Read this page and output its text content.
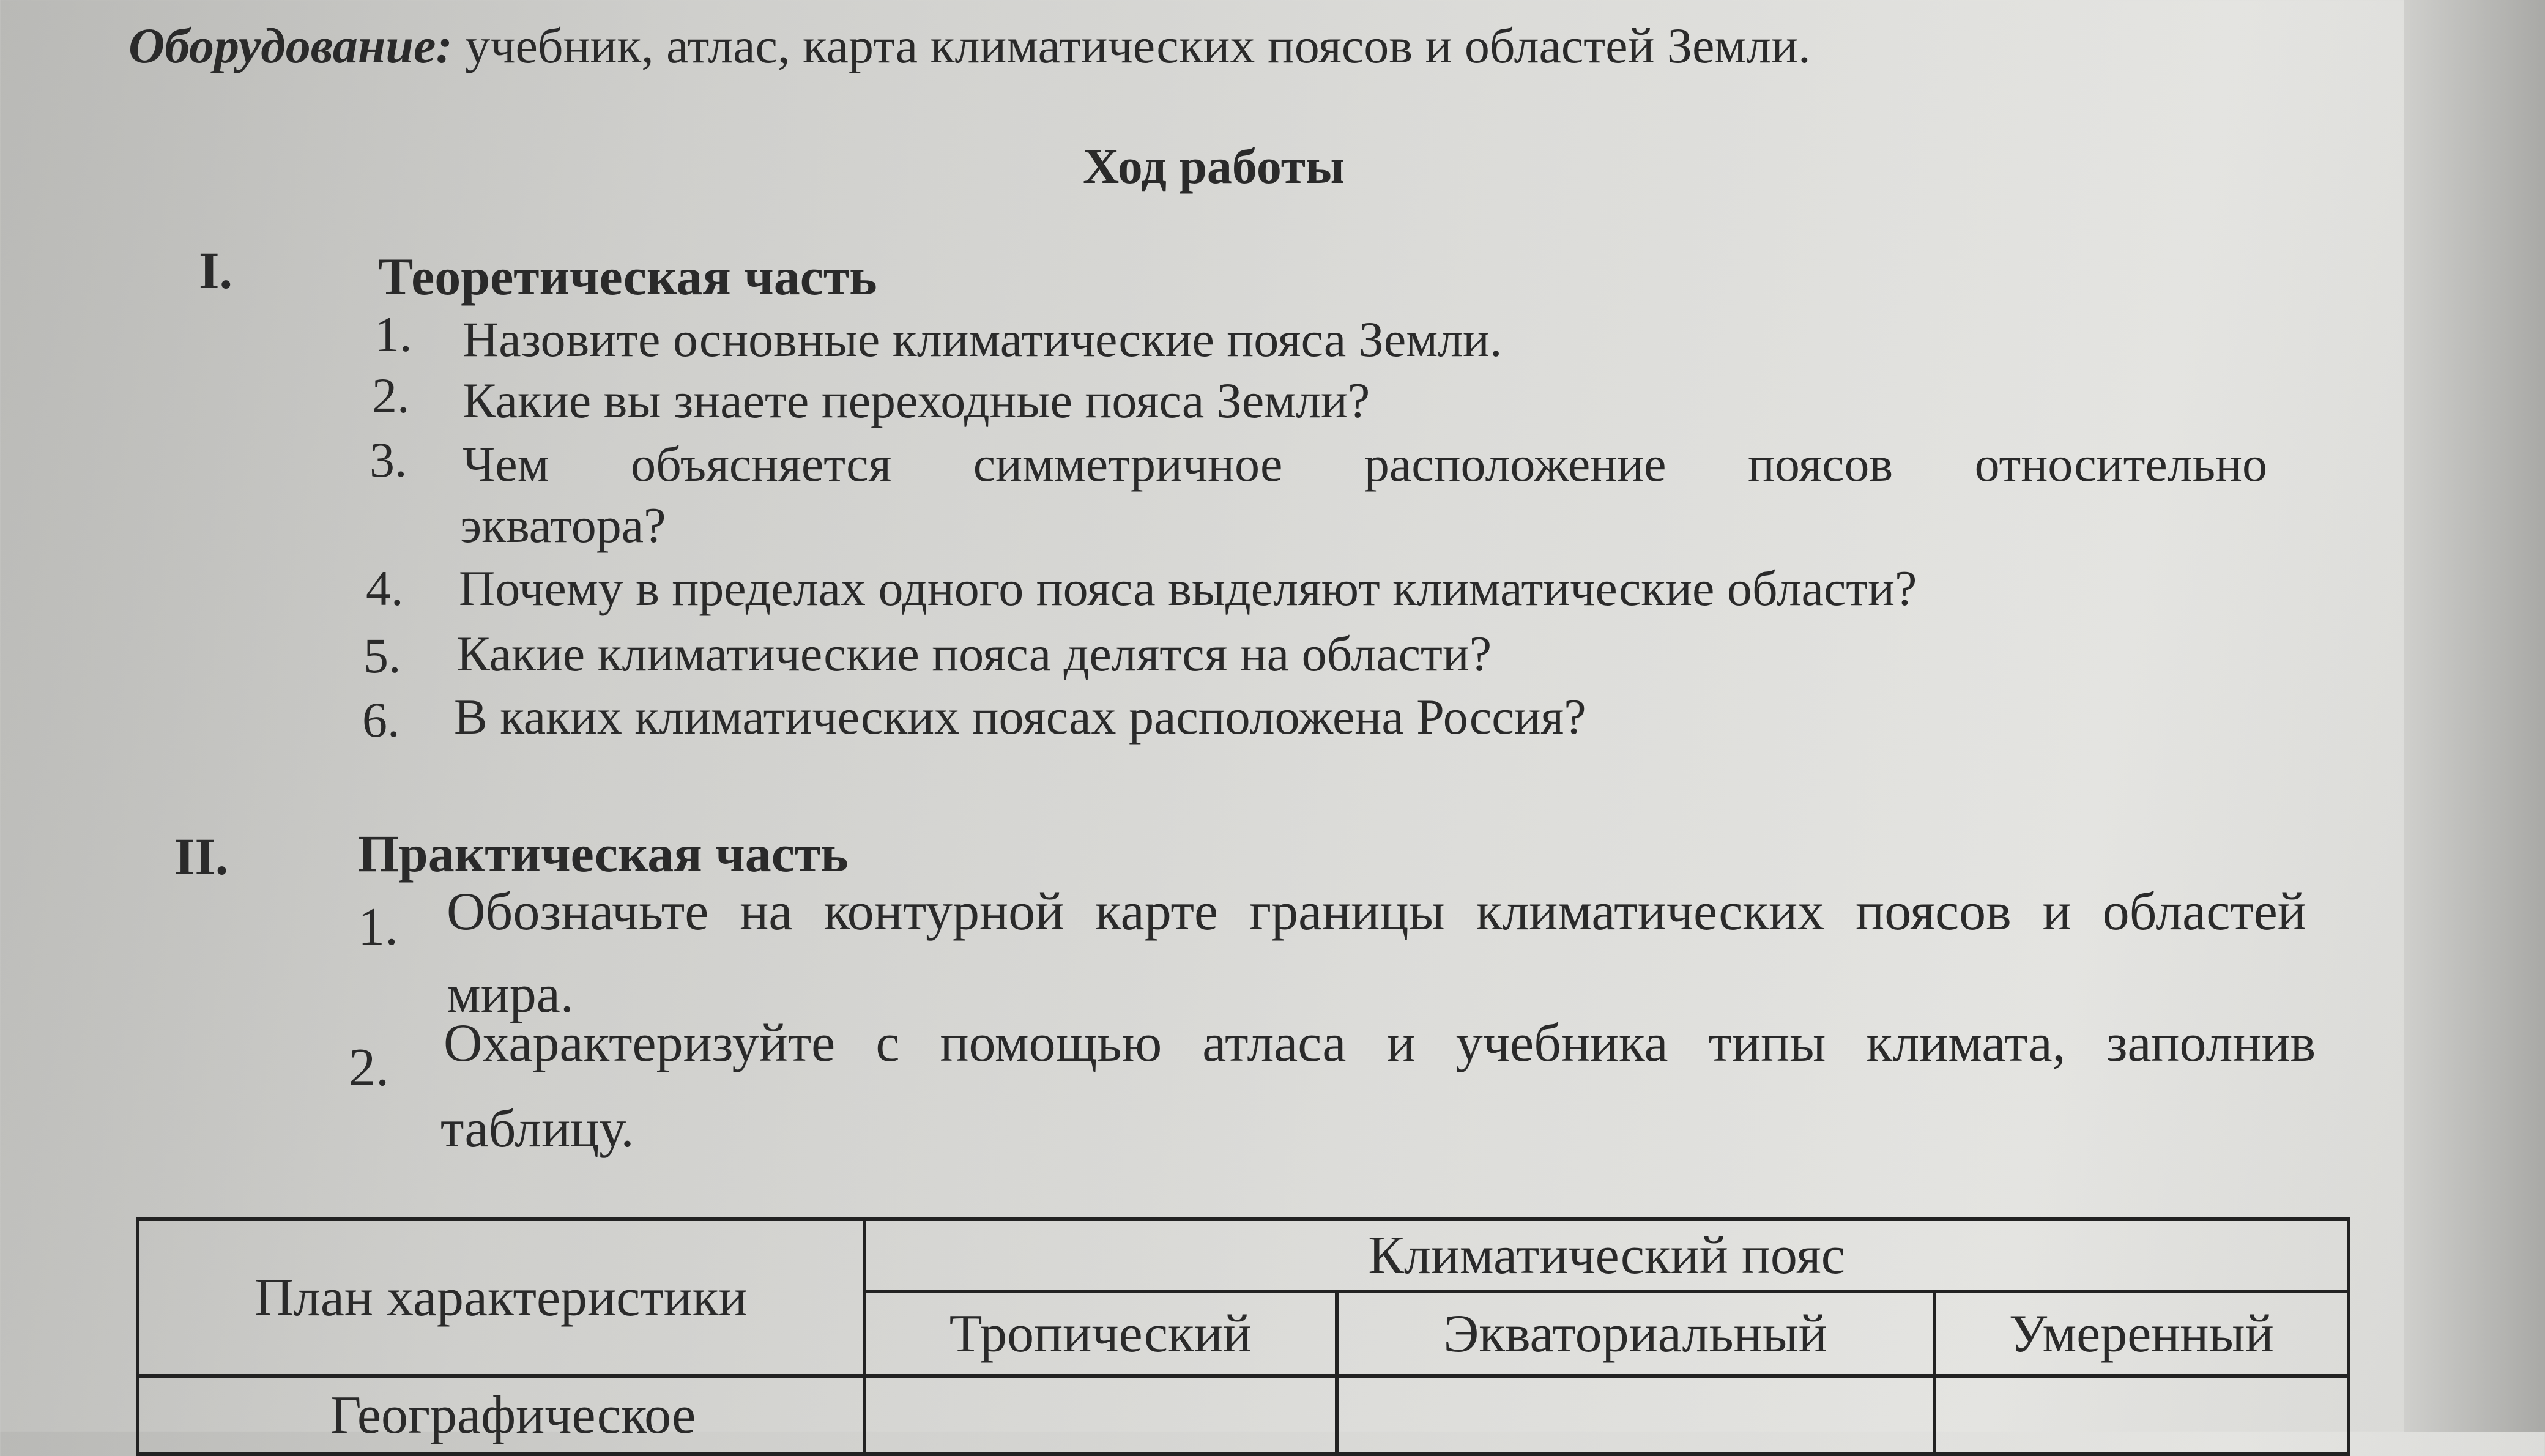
Оборудование: учебник, атлас, карта климатических поясов и областей Земли.
Ход работы
I.	Теоретическая часть
1. Назовите основные климатические пояса Земли.
2. Какие вы знаете переходные пояса Земли?
3. Чем объясняется симметричное расположение поясов относительно
экватора?
4. Почему в пределах одного пояса выделяют климатические области?
5. Какие климатические пояса делятся на области?
6. В каких климатических поясах расположена Россия?
II. Практическая часть
1. Обозначьте на контурной карте границы климатических поясов и областей
мира.
2. Охарактеризуйте с помощью атласа и учебника типы климата, заполнив
таблицу.
План характеристики	Климатический пояс		
	Тропический	Экваториальный	Умеренный
Географическое			
